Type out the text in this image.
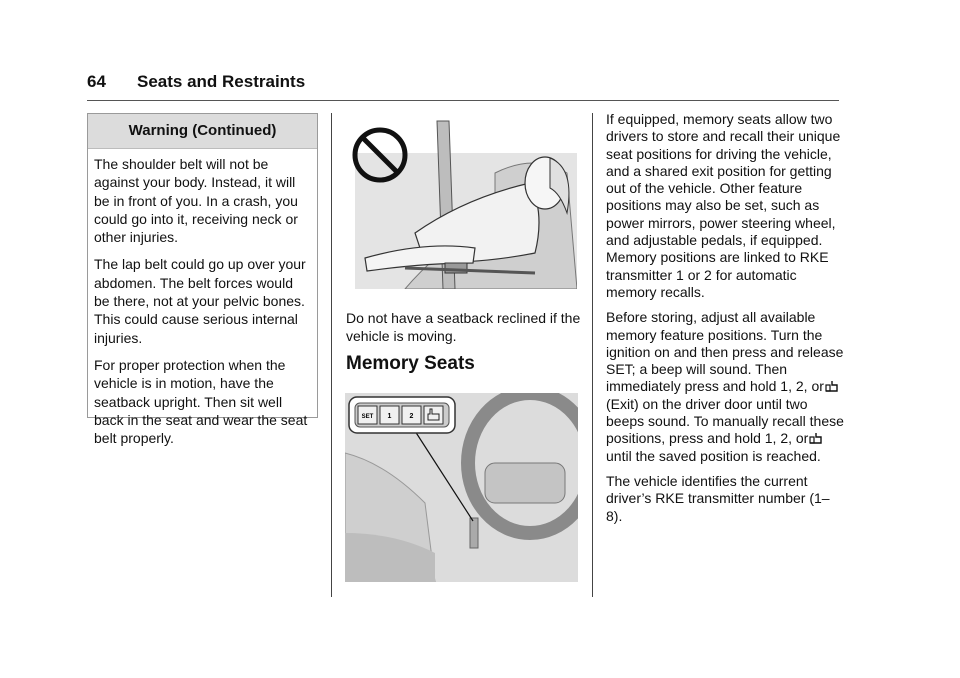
64 Seats and Restraints
Warning (Continued)

The shoulder belt will not be against your body. Instead, it will be in front of you. In a crash, you could go into it, receiving neck or other injuries.

The lap belt could go up over your abdomen. The belt forces would be there, not at your pelvic bones. This could cause serious internal injuries.

For proper protection when the vehicle is in motion, have the seatback upright. Then sit well back in the seat and wear the seat belt properly.

Do not have a seatback reclined if the vehicle is moving.

Memory Seats
SET 1	2

If equipped, memory seats allow two drivers to store and recall their unique seat positions for driving the vehicle, and a shared exit position for getting out of the vehicle. Other feature positions may also be set, such as power mirrors, power steering wheel, and adjustable pedals, if equipped. Memory positions are linked to RKE transmitter 1 or 2 for automatic memory recalls.

Before storing, adjust all available memory feature positions. Turn the ignition on and then press and release SET; a beep will sound. Then immediately press and hold 1, 2, or(Exit) on the driver door until two beeps sound. To manually recall these positions, press and hold 1, 2, oruntil the saved position is reached.

The vehicle identifies the current driver’s RKE transmitter number (1–8).
